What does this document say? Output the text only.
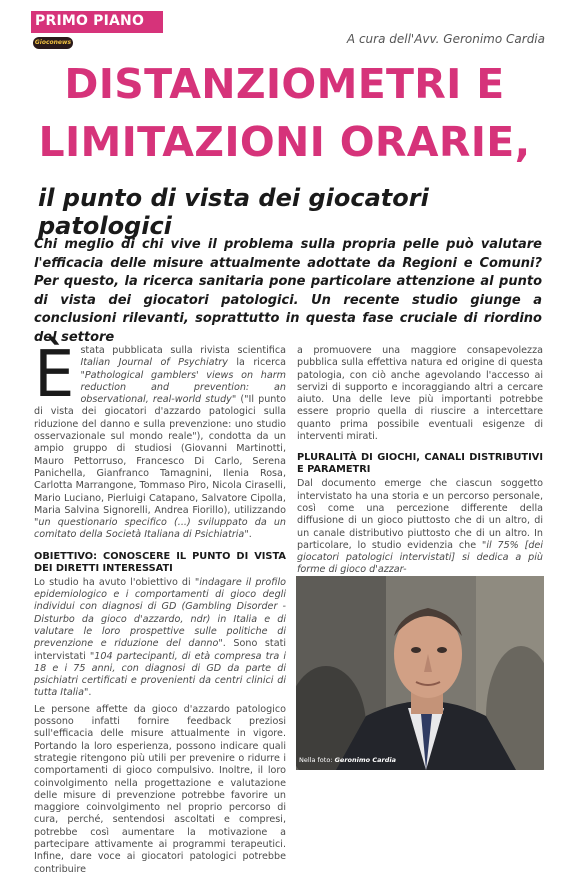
PRIMO PIANO
Gioconews	A cura dell'Avv. Geronimo Cardia
DISTANZIOMETRI E
LIMITAZIONI ORARIE,
il punto di vista dei giocatori patologici
Chi meglio di chi vive il problema sulla propria pelle può valutare l'efficacia delle misure attualmente adottate da Regioni e Comuni? Per questo, la ricerca sanitaria pone particolare attenzione al punto di vista dei giocatori patologici. Un recente studio giunge a conclusioni rilevanti, soprattutto in questa fase cruciale di riordino del settore
È stata pubblicata sulla rivista scientifica Italian Journal of Psychiatry la ricerca "Pathological gamblers' views on harm reduction and prevention: an observational, real-world study" ("Il punto di vista dei giocatori d'azzardo patologici sulla riduzione del danno e sulla prevenzione: uno studio osservazionale sul mondo reale"), condotta da un ampio gruppo di studiosi (Giovanni Martinotti, Mauro Pettorruso, Francesco Di Carlo, Serena Panichella, Gianfranco Tamagnini, Ilenia Rosa, Carlotta Marrangone, Tommaso Piro, Nicola Ciraselli, Mario Luciano, Pierluigi Catapano, Salvatore Cipolla, Maria Salvina Signorelli, Andrea Fiorillo), utilizzando "un questionario specifico (...) sviluppato da un comitato della Società Italiana di Psichiatria".

OBIETTIVO: CONOSCERE IL PUNTO DI VISTA DEI DIRETTI INTERESSATI

Lo studio ha avuto l'obiettivo di "indagare il profilo epidemiologico e i comportamenti di gioco degli individui con diagnosi di GD (Gambling Disorder - Disturbo da gioco d'azzardo, ndr) in Italia e di valutare le loro prospettive sulle politiche di prevenzione e riduzione del danno". Sono stati intervistati "104 partecipanti, di età compresa tra i 18 e i 75 anni, con diagnosi di GD da parte di psichiatri certificati e provenienti da centri clinici di tutta Italia".

Le persone affette da gioco d'azzardo patologico possono infatti fornire feedback preziosi sull'efficacia delle misure attualmente in vigore. Portando la loro esperienza, possono indicare quali strategie ritengono più utili per prevenire o ridurre i comportamenti di gioco compulsivo. Inoltre, il loro coinvolgimento nella progettazione e valutazione delle misure di prevenzione potrebbe favorire un maggiore coinvolgimento nel proprio percorso di cura, perché, sentendosi ascoltati e compresi, potrebbe così aumentare la motivazione a partecipare attivamente ai programmi terapeutici. Infine, dare voce ai giocatori patologici potrebbe contribuire

a promuovere una maggiore consapevolezza pubblica sulla effettiva natura ed origine di questa patologia, con ciò anche agevolando l'accesso ai servizi di supporto e incoraggiando altri a cercare aiuto. Una delle leve più importanti potrebbe essere proprio quella di riuscire a intercettare quanto prima possibile eventuali esigenze di interventi mirati.

PLURALITÀ DI GIOCHI, CANALI DISTRIBUTIVI E PARAMETRI

Dal documento emerge che ciascun soggetto intervistato ha una storia e un percorso personale, così come una percezione differente della diffusione di un gioco piuttosto che di un altro, di un canale distributivo piuttosto che di un altro. In particolare, lo studio evidenzia che "il 75% [dei giocatori patologici intervistati] si dedica a più forme di gioco d'azzar-

Nella foto: Geronimo Cardia
